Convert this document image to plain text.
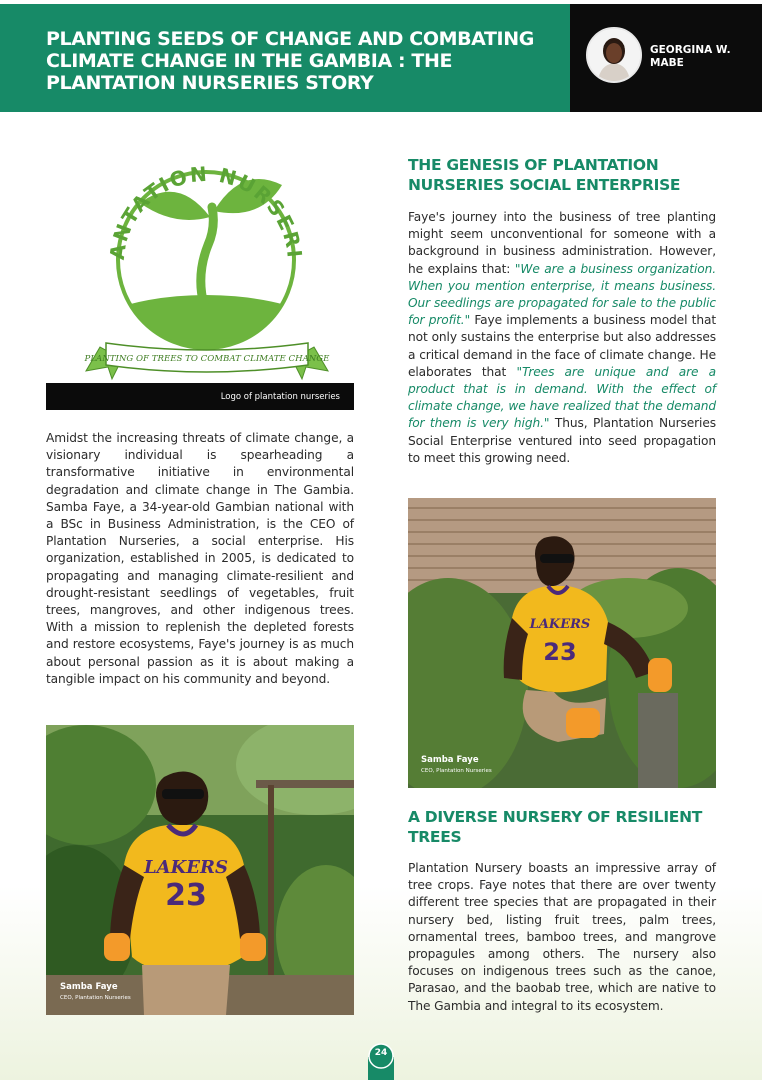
PLANTING SEEDS OF CHANGE AND COMBATING CLIMATE CHANGE IN THE GAMBIA : THE PLANTATION NURSERIES STORY
GEORGINA W.
MABE
ANTATION NURSERI
PLANTING OF TREES TO COMBAT CLIMATE CHANGE
Logo of plantation nurseries
Amidst the increasing threats of climate change, a visionary individual is spearheading a transformative initiative in environmental degradation and climate change in The Gambia. Samba Faye, a 34-year-old Gambian national with a BSc in Business Administration, is the CEO of Plantation Nurseries, a social enterprise. His organization, established in 2005, is dedicated to propagating and managing climate-resilient and drought-resistant seedlings of vegetables, fruit trees, mangroves, and other indigenous trees. With a mission to replenish the depleted forests and restore ecosystems, Faye's journey is as much about personal passion as it is about making a tangible impact on his community and beyond.
LAKERS
23
Samba Faye
CEO, Plantation Nurseries
THE GENESIS OF PLANTATION NURSERIES SOCIAL ENTERPRISE
Faye's journey into the business of tree planting might seem unconventional for someone with a background in business administration. However, he explains that: "We are a business organization. When you mention enterprise, it means business. Our seedlings are propagated for sale to the public for profit." Faye implements a business model that not only sustains the enterprise but also addresses a critical demand in the face of climate change. He elaborates that "Trees are unique and are a product that is in demand. With the effect of climate change, we have realized that the demand for them is very high." Thus, Plantation Nurseries Social Enterprise ventured into seed propagation to meet this growing need.
LAKERS
23
Samba Faye
CEO, Plantation Nurseries
A DIVERSE NURSERY OF RESILIENT TREES
Plantation Nursery boasts an impressive array of tree crops. Faye notes that there are over twenty different tree species that are propagated in their nursery bed, listing fruit trees, palm trees, ornamental trees, bamboo trees, and mangrove propagules among others. The nursery also focuses on indigenous trees such as the canoe, Parasao, and the baobab tree, which are native to The Gambia and integral to its ecosystem.
24
